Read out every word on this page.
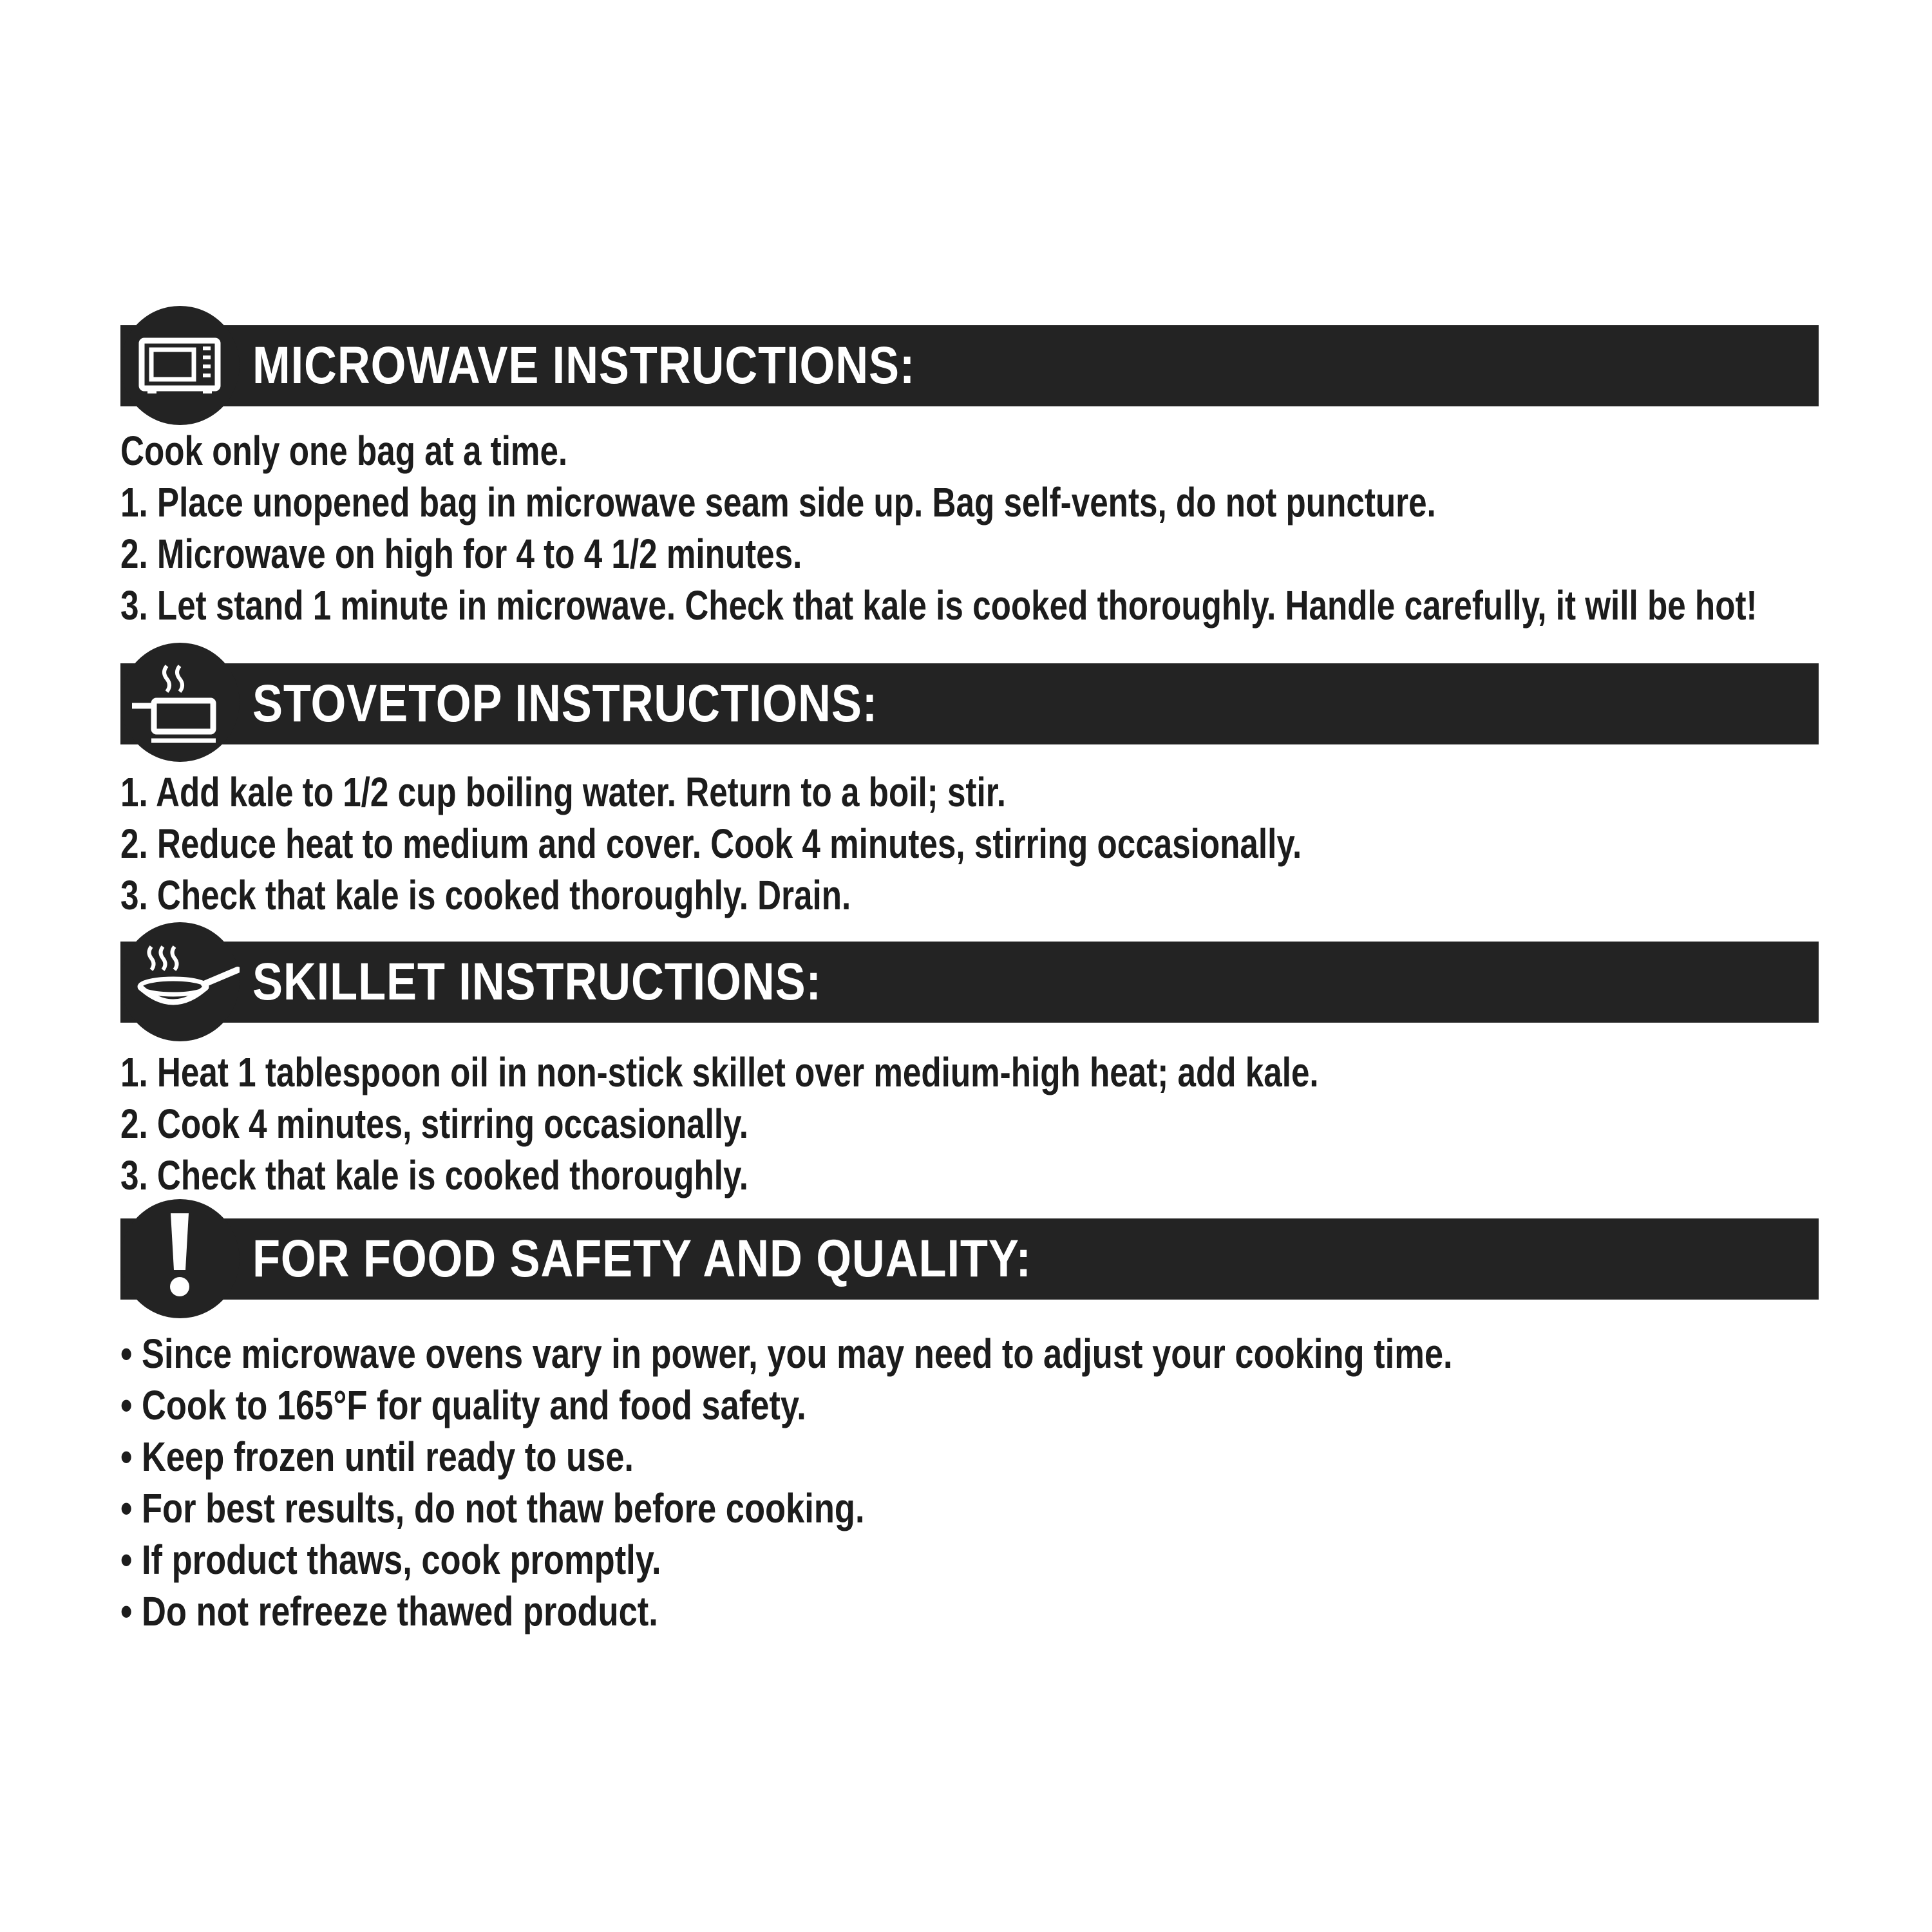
MICROWAVE INSTRUCTIONS:
Cook only one bag at a time.
1. Place unopened bag in microwave seam side up. Bag self-vents, do not puncture.
2. Microwave on high for 4 to 4 1/2 minutes.
3. Let stand 1 minute in microwave. Check that kale is cooked thoroughly. Handle carefully, it will be hot!
STOVETOP INSTRUCTIONS:
1. Add kale to 1/2 cup boiling water. Return to a boil; stir.
2. Reduce heat to medium and cover. Cook 4 minutes, stirring occasionally.
3. Check that kale is cooked thoroughly. Drain.
SKILLET INSTRUCTIONS:
1. Heat 1 tablespoon oil in non-stick skillet over medium-high heat; add kale.
2. Cook 4 minutes, stirring occasionally.
3. Check that kale is cooked thoroughly.
FOR FOOD SAFETY AND QUALITY:
• Since microwave ovens vary in power, you may need to adjust your cooking time.
• Cook to 165°F for quality and food safety.
• Keep frozen until ready to use.
• For best results, do not thaw before cooking.
• If product thaws, cook promptly.
• Do not refreeze thawed product.
